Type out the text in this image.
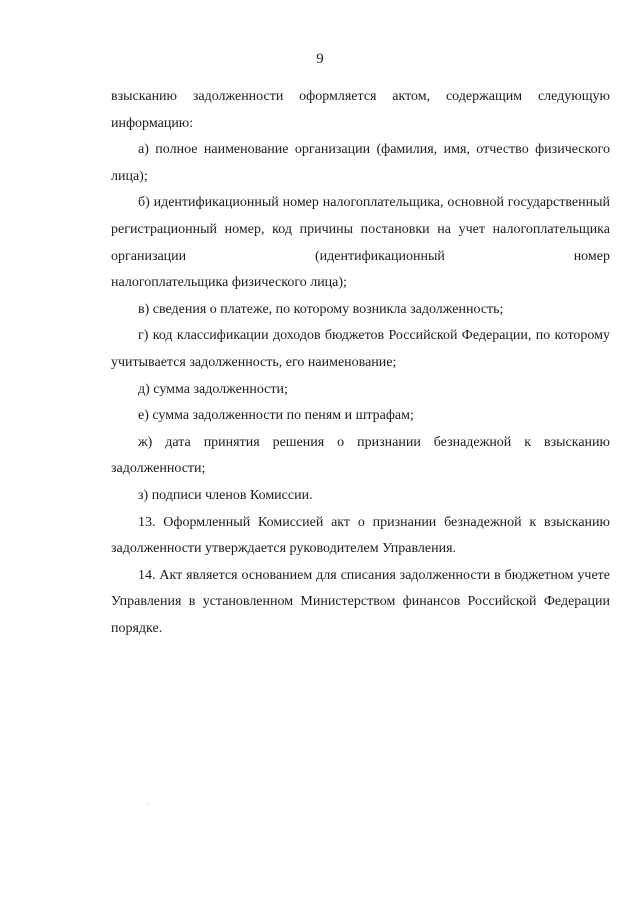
9

взысканию задолженности оформляется актом, содержащим следующую информацию:

а) полное наименование организации (фамилия, имя, отчество физического лица);

б) идентификационный номер налогоплательщика, основной государственный регистрационный номер, код причины постановки на учет налогоплательщика организации (идентификационный номер

налогоплательщика физического лица);

в) сведения о платеже, по которому возникла задолженность;

г) код классификации доходов бюджетов Российской Федерации, по которому учитывается задолженность, его наименование;

д) сумма задолженности;

е) сумма задолженности по пеням и штрафам;

ж) дата принятия решения о признании безнадежной к взысканию задолженности;

з) подписи членов Комиссии.

13. Оформленный Комиссией акт о признании безнадежной к взысканию задолженности утверждается руководителем Управления.

14. Акт является основанием для списания задолженности в бюджетном учете Управления в установленном Министерством финансов Российской Федерации порядке.
